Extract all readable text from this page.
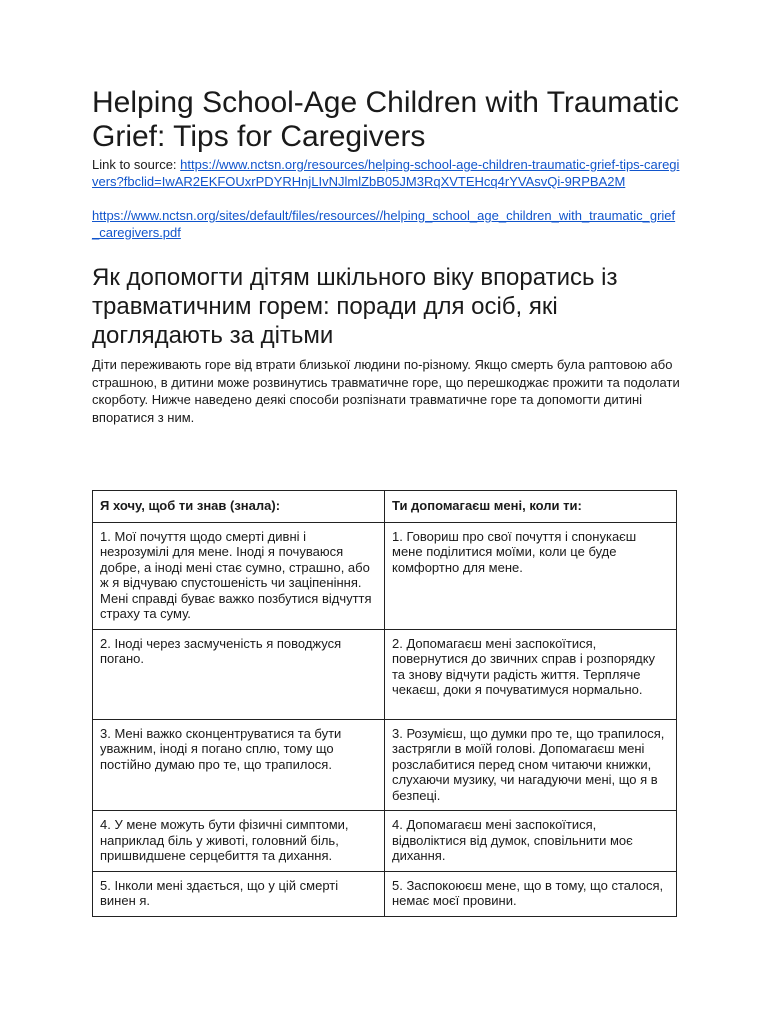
Helping School-Age Children with Traumatic Grief: Tips for Caregivers

Link to source: https://www.nctsn.org/resources/helping-school-age-children-traumatic-grief-tips-caregivers?fbclid=IwAR2EKFOUxrPDYRHnjLIvNJlmlZbB05JM3RqXVTEHcq4rYVAsvQi-9RPBA2M

https://www.nctsn.org/sites/default/files/resources//helping_school_age_children_with_traumatic_grief_caregivers.pdf

Як допомогти дітям шкільного віку впоратись із травматичним горем: поради для осіб, які доглядають за дітьми

Діти переживають горе від втрати близької людини по-різному. Якщо смерть була раптовою або страшною, в дитини може розвинутись травматичне горе, що перешкоджає прожити та подолати скорботу. Нижче наведено деякі способи розпізнати травматичне горе та допомогти дитині впоратися з ним.

Я хочу, щоб ти знав (знала):	Ти допомагаєш мені, коли ти:
1. Мої почуття щодо смерті дивні і незрозумілі для мене. Іноді я почуваюся добре, а іноді мені стає сумно, страшно, або ж я відчуваю спустошеність чи заціпеніння. Мені справді буває важко позбутися відчуття страху та суму.	1. Говориш про свої почуття і спонукаєш мене поділитися моїми, коли це буде комфортно для мене.
2. Іноді через засмученість я поводжуся погано.	2. Допомагаєш мені заспокоїтися, повернутися до звичних справ і розпорядку та знову відчути радість життя. Терпляче чекаєш, доки я почуватимуся нормально.
3. Мені важко сконцентруватися та бути уважним, іноді я погано сплю, тому що постійно думаю про те, що трапилося.	3. Розумієш, що думки про те, що трапилося, застрягли в моїй голові. Допомагаєш мені розслабитися перед сном читаючи книжки, слухаючи музику, чи нагадуючи мені, що я в безпеці.
4. У мене можуть бути фізичні симптоми, наприклад біль у животі, головний біль, пришвидшене серцебиття та дихання.	4. Допомагаєш мені заспокоїтися, відволіктися від думок, сповільнити моє дихання.
5. Інколи мені здається, що у цій смерті винен я.	5. Заспокоюєш мене, що в тому, що сталося, немає моєї провини.
